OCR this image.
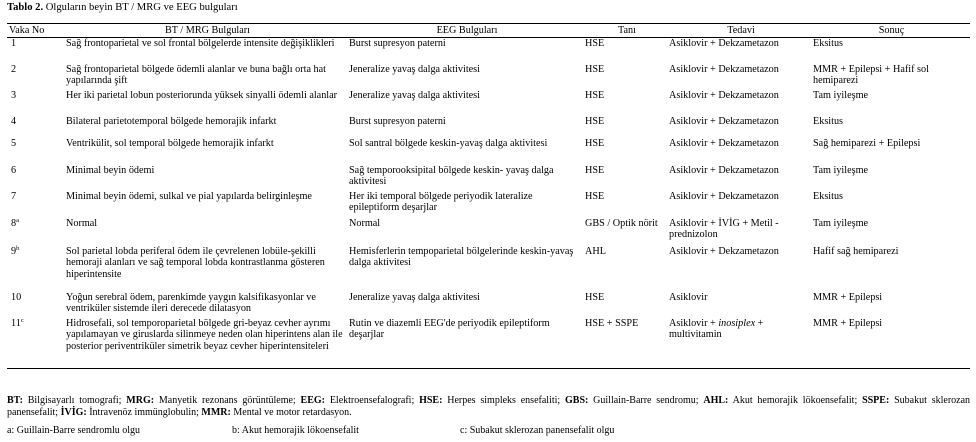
Tablo 2. Olguların beyin BT / MRG ve EEG bulguları
Vaka No	BT / MRG Bulguları	EEG Bulguları	Tanı	Tedavi	Sonuç
1	Sağ frontoparietal ve sol frontal bölgelerde intensite değişiklikleri	Burst supresyon paterni	HSE	Asiklovir + Dekzametazon	Eksitus
2	Sağ frontoparietal bölgede ödemli alanlar ve buna bağlı orta hat yapılarında şift	Jeneralize yavaş dalga aktivitesi	HSE	Asiklovir + Dekzametazon	MMR + Epilepsi + Hafif sol hemiparezi
3	Her iki parietal lobun posteriorunda yüksek sinyalli ödemli alanlar	Jeneralize yavaş dalga aktivitesi	HSE	Asiklovir + Dekzametazon	Tam iyileşme
4	Bilateral parietotemporal bölgede hemorajik infarkt	Burst supresyon paterni	HSE	Asiklovir + Dekzametazon	Eksitus
5	Ventrikülit, sol temporal bölgede hemorajik infarkt	Sol santral bölgede keskin-yavaş dalga aktivitesi	HSE	Asiklovir + Dekzametazon	Sağ hemiparezi + Epilepsi
6	Minimal beyin ödemi	Sağ temporooksipital bölgede keskin- yavaş dalga aktivitesi	HSE	Asiklovir + Dekzametazon	Tam iyileşme
7	Minimal beyin ödemi, sulkal ve pial yapılarda belirginleşme	Her iki temporal bölgede periyodik lateralize epileptiform deşarjlar	HSE	Asiklovir + Dekzametazon	Eksitus
8$^a$	Normal	Normal	GBS / Optik nörit	Asiklovir + İVİG + Metil - prednizolon	Tam iyileşme
9$^b$	Sol parietal lobda periferal ödem ile çevrelenen lobüle-şekilli hemoraji alanları ve sağ temporal lobda kontrastlanma gösteren hiperintensite	Hemisferlerin tempoparietal bölgelerinde keskin-yavaş dalga aktivitesi	AHL	Asiklovir + Dekzametazon	Hafif sağ hemiparezi
10	Yoğun serebral ödem, parenkimde yaygın kalsifikasyonlar ve ventriküler sistemde ileri derecede dilatasyon	Jeneralize yavaş dalga aktivitesi	HSE	Asiklovir	MMR + Epilepsi
11$^c$	Hidrosefali, sol temporoparietal bölgede gri-beyaz cevher ayrımı yapılamayan ve giruslarda silinmeye neden olan hiperintens alan ile posterior periventriküler simetrik beyaz cevher hiperintensiteleri	Rutin ve diazemli EEG'de periyodik epileptiform deşarjlar	HSE + SSPE	Asiklovir + inosiplex + multivitamin	MMR + Epilepsi
BT: Bilgisayarlı tomografi; MRG: Manyetik rezonans görüntüleme; EEG: Elektroensefalografi; HSE: Herpes simpleks ensefaliti; GBS: Guillain-Barre sendromu; AHL: Akut hemorajik lökoensefalit; SSPE: Subakut sklerozan panensefalit; İVİG: İntravenöz immünglobulin; MMR: Mental ve motor retardasyon.
a: Guillain-Barre sendromlu olgu	b: Akut hemorajik lökoensefalit	c: Subakut sklerozan panensefalit olgu
